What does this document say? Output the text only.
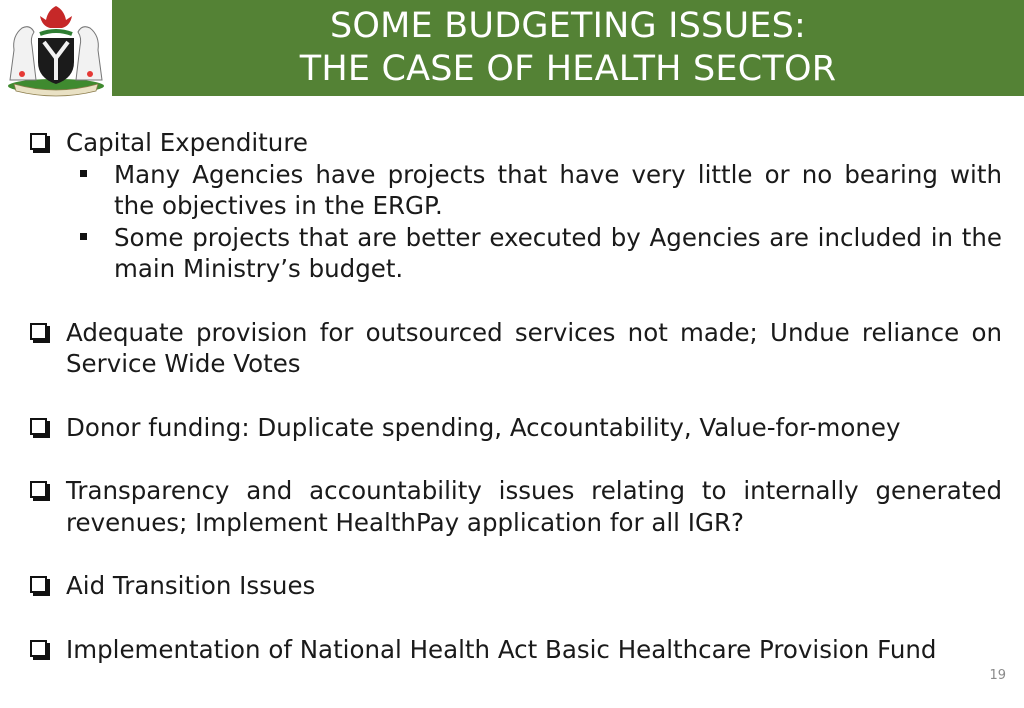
SOME BUDGETING ISSUES:
THE CASE OF HEALTH SECTOR
Capital Expenditure
Many Agencies have projects that have very little or no bearing with the objectives in the ERGP.
Some projects that are better executed by Agencies are included in the main Ministry’s budget.
Adequate provision for outsourced services not made; Undue reliance on Service Wide Votes
Donor funding: Duplicate spending, Accountability, Value-for-money
Transparency and accountability issues relating to internally generated revenues; Implement HealthPay application for all IGR?
Aid Transition Issues
Implementation of National Health Act Basic Healthcare Provision Fund
19
